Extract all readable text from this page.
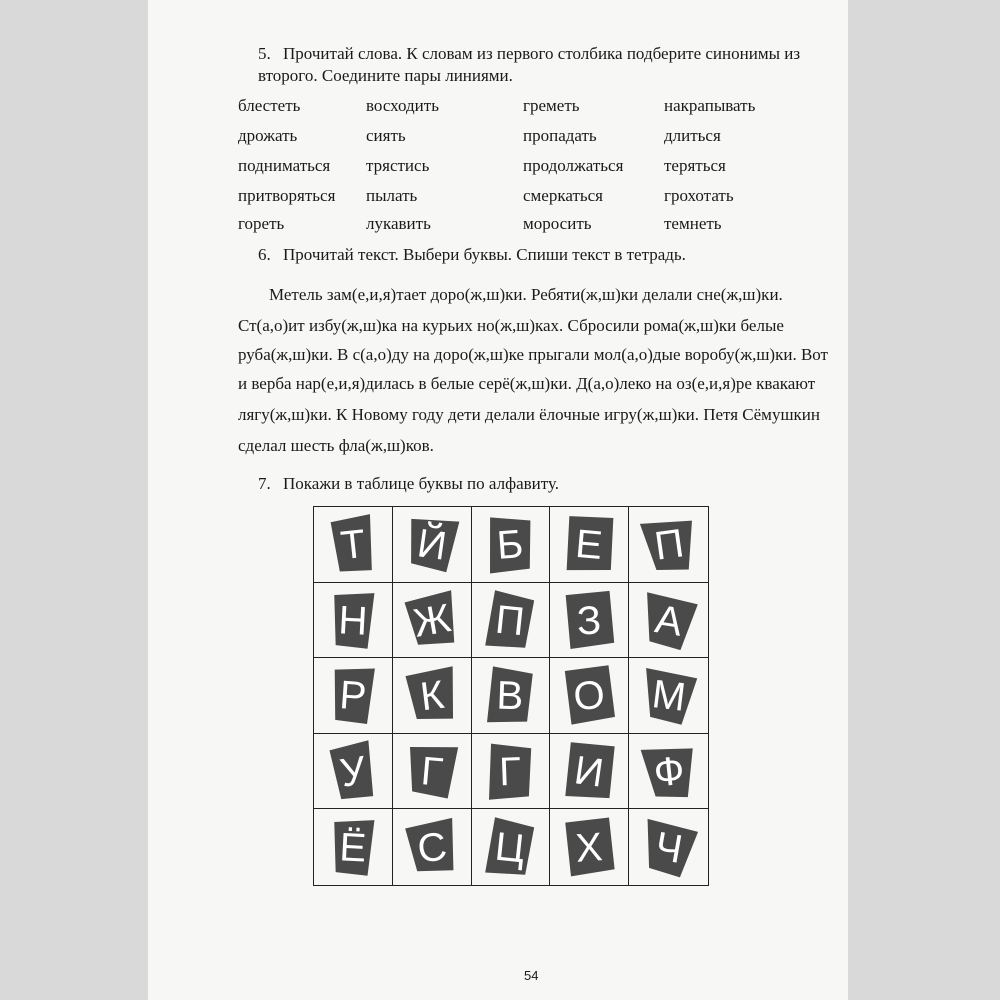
5. Прочитай слова. К словам из первого столбика подберите синонимы из
второго. Соедините пары линиями.
блестеть
дрожать
подниматься
притворяться
гореть
восходить
сиять
трястись
пылать
лукавить
греметь
пропадать
продолжаться
смеркаться
моросить
накрапывать
длиться
теряться
грохотать
темнеть
6. Прочитай текст. Выбери буквы. Спиши текст в тетрадь.
Метель зам(е,и,я)тает доро(ж,ш)ки. Ребяти(ж,ш)ки делали сне(ж,ш)ки.
Ст(а,о)ит избу(ж,ш)ка на курьих но(ж,ш)ках. Сбросили рома(ж,ш)ки белые
руба(ж,ш)ки. В с(а,о)ду на доро(ж,ш)ке прыгали мол(а,о)дые воробу(ж,ш)ки. Вот
и верба нар(е,и,я)дилась в белые серё(ж,ш)ки. Д(а,о)леко на оз(е,и,я)ре квакают
лягу(ж,ш)ки. К Новому году дети делали ёлочные игру(ж,ш)ки. Петя Сёмушкин
сделал шесть фла(ж,ш)ков.
7. Покажи в таблице буквы по алфавиту.
Т Й Б Е П
Н Ж П З А
Р К В О М
У Г Г И Ф
Ё С Ц Х Ч
54
